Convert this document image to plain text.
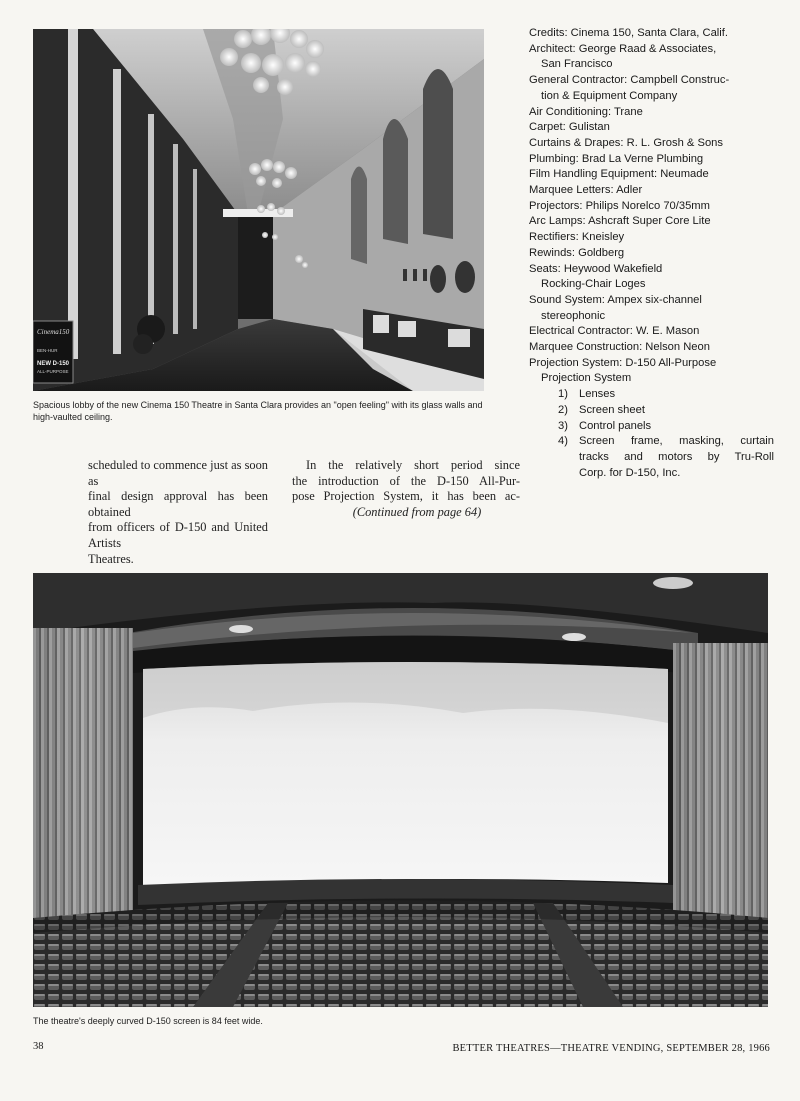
Cinema150
BEN-HUR
NEW D-150
ALL-PURPOSE
Spacious lobby of the new Cinema 150 Theatre in Santa Clara provides an "open feeling" with its glass walls and high-vaulted ceiling.
Credits: Cinema 150, Santa Clara, Calif.
Architect: George Raad & Associates,
San Francisco
General Contractor: Campbell Construc-
tion & Equipment Company
Air Conditioning: Trane
Carpet: Gulistan
Curtains & Drapes: R. L. Grosh & Sons
Plumbing: Brad La Verne Plumbing
Film Handling Equipment: Neumade
Marquee Letters: Adler
Projectors: Philips Norelco 70/35mm
Arc Lamps: Ashcraft Super Core Lite
Rectifiers: Kneisley
Rewinds: Goldberg
Seats: Heywood Wakefield
Rocking-Chair Loges
Sound System: Ampex six-channel
stereophonic
Electrical Contractor: W. E. Mason
Marquee Construction: Nelson Neon
Projection System: D-150 All-Purpose
Projection System
1) Lenses
2) Screen sheet
3) Control panels
4) Screen frame, masking, curtain
tracks and motors by Tru-Roll
Corp. for D-150, Inc.

scheduled to commence just as soon as

final design approval has been obtained

from officers of D-150 and United Artists

Theatres.

In the relatively short period since

the introduction of the D-150 All-Pur-

pose Projection System, it has been ac-

(Continued from page 64)
The theatre's deeply curved D-150 screen is 84 feet wide.
38	BETTER THEATRES—THEATRE VENDING, SEPTEMBER 28, 1966
